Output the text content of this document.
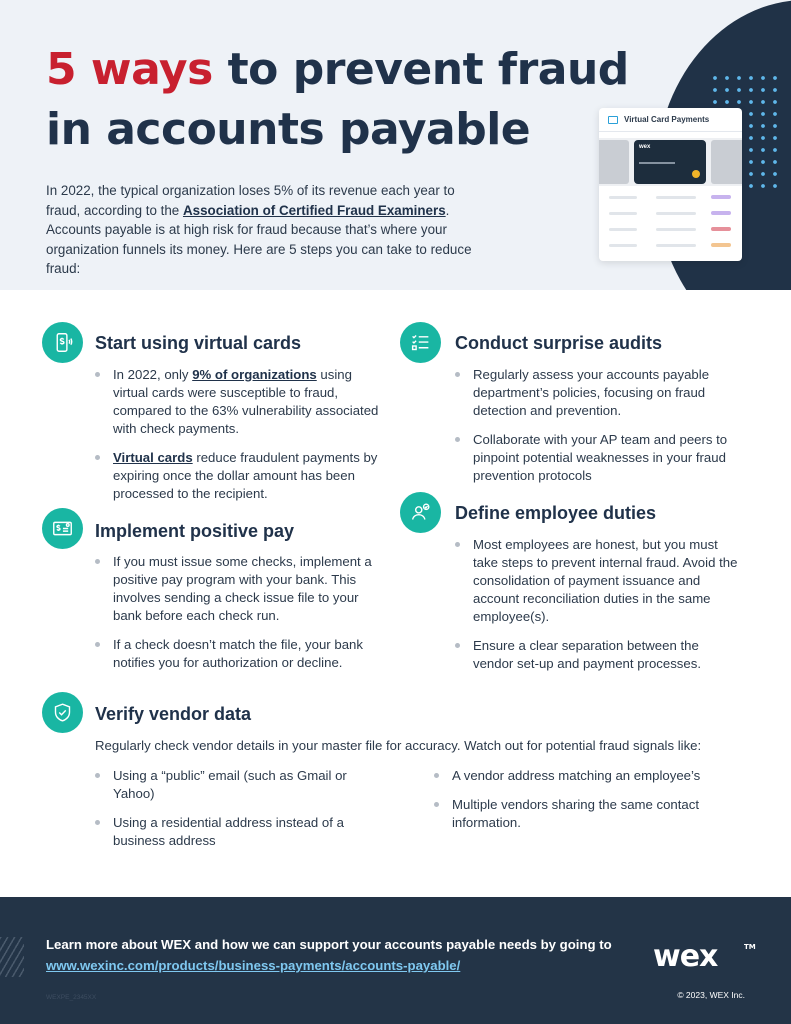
5 ways to prevent fraud
in accounts payable

In 2022, the typical organization loses 5% of its revenue each year to fraud, according to the Association of Certified Fraud Examiners. Accounts payable is at high risk for fraud because that’s where your organization funnels its money. Here are 5 steps you can take to reduce fraud:

Virtual Card Payments
wex
Start using virtual cards
In 2022, only 9% of organizations using virtual cards were susceptible to fraud, compared to the 63% vulnerability associated with check payments.
Virtual cards reduce fraudulent payments by expiring once the dollar amount has been processed to the recipient.
Implement positive pay
If you must issue some checks, implement a positive pay program with your bank. This involves sending a check issue file to your bank before each check run.
If a check doesn’t match the file, your bank notifies you for authorization or decline.
Conduct surprise audits
Regularly assess your accounts payable department’s policies, focusing on fraud detection and prevention.
Collaborate with your AP team and peers to pinpoint potential weaknesses in your fraud prevention protocols
Define employee duties
Most employees are honest, but you must take steps to prevent internal fraud. Avoid the consolidation of payment issuance and account reconciliation duties in the same employee(s).
Ensure a clear separation between the vendor set-up and payment processes.
Verify vendor data

Regularly check vendor details in your master file for accuracy. Watch out for potential fraud signals like:

Using a “public” email (such as Gmail or Yahoo)
Using a residential address instead of a business address
A vendor address matching an employee’s
Multiple vendors sharing the same contact information.

Learn more about WEX and how we can support your accounts payable needs by going to www.wexinc.com/products/business-payments/accounts-payable/	wex	TM
WEXPE_2345XX	© 2023, WEX Inc.
